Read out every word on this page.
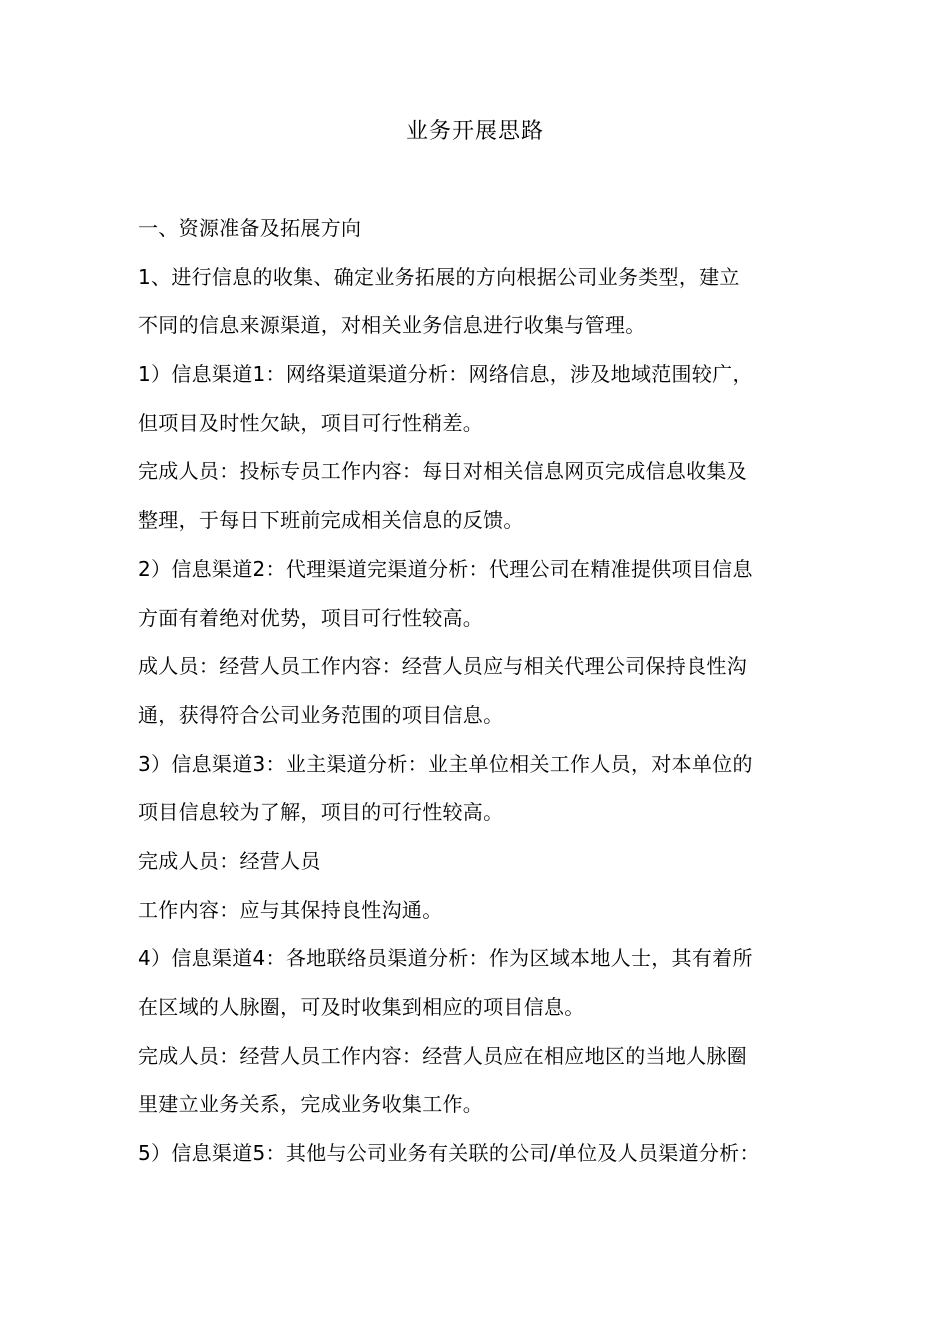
业务开展思路
一、资源准备及拓展方向
1、进行信息的收集、确定业务拓展的方向根据公司业务类型，建立
不同的信息来源渠道，对相关业务信息进行收集与管理。
1）信息渠道1：网络渠道渠道分析：网络信息，涉及地域范围较广，
但项目及时性欠缺，项目可行性稍差。
完成人员：投标专员工作内容：每日对相关信息网页完成信息收集及
整理，于每日下班前完成相关信息的反馈。
2）信息渠道2：代理渠道完渠道分析：代理公司在精准提供项目信息
方面有着绝对优势，项目可行性较高。
成人员：经营人员工作内容：经营人员应与相关代理公司保持良性沟
通，获得符合公司业务范围的项目信息。
3）信息渠道3：业主渠道分析：业主单位相关工作人员，对本单位的
项目信息较为了解，项目的可行性较高。
完成人员：经营人员
工作内容：应与其保持良性沟通。
4）信息渠道4：各地联络员渠道分析：作为区域本地人士，其有着所
在区域的人脉圈，可及时收集到相应的项目信息。
完成人员：经营人员工作内容：经营人员应在相应地区的当地人脉圈
里建立业务关系，完成业务收集工作。
5）信息渠道5：其他与公司业务有关联的公司/单位及人员渠道分析：
